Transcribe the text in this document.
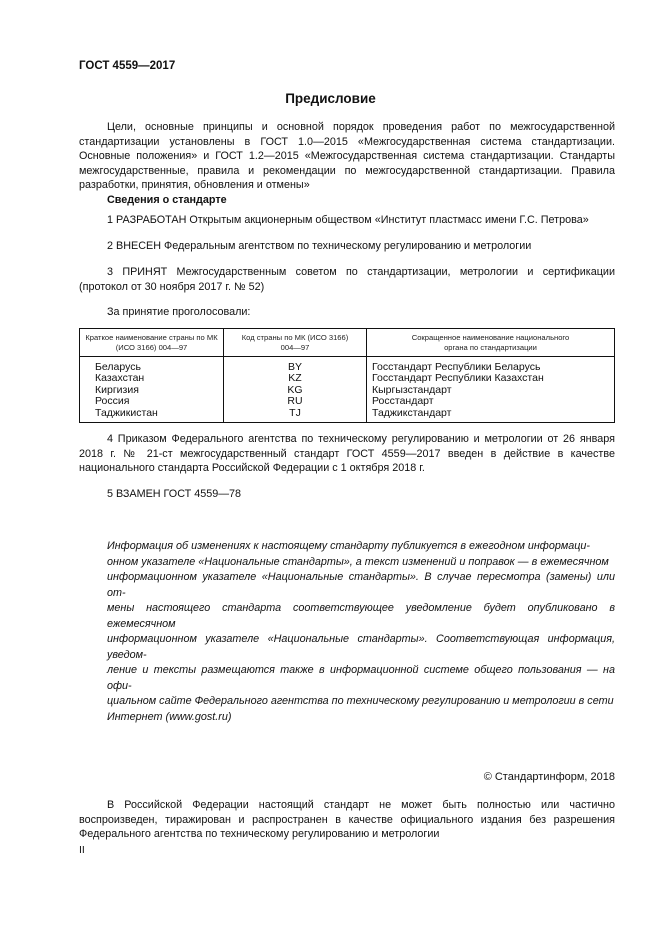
ГОСТ 4559—2017
Предисловие
Цели, основные принципы и основной порядок проведения работ по межгосударственной стандартизации установлены в ГОСТ 1.0—2015 «Межгосударственная система стандартизации. Основные положения» и ГОСТ 1.2—2015 «Межгосударственная система стандартизации. Стандарты межгосударственные, правила и рекомендации по межгосударственной стандартизации. Правила разработки, принятия, обновления и отмены»
Сведения о стандарте
1 РАЗРАБОТАН Открытым акционерным обществом «Институт пластмасс имени Г.С. Петрова»
2 ВНЕСЕН Федеральным агентством по техническому регулированию и метрологии
3 ПРИНЯТ Межгосударственным советом по стандартизации, метрологии и сертификации (протокол от 30 ноября 2017 г. № 52)
За принятие проголосовали:
Краткое наименование страны по МК (ИСО 3166) 004—97
Код страны по МК (ИСО 3166) 004—97
Сокращенное наименование национального органа по стандартизации
Беларусь
Казахстан
Киргизия
Россия
Таджикистан
BY
KZ
KG
RU
TJ
Госстандарт Республики Беларусь
Госстандарт Республики Казахстан
Кыргызстандарт
Росстандарт
Таджикстандарт
4 Приказом Федерального агентства по техническому регулированию и метрологии от 26 января 2018 г. № 21-ст межгосударственный стандарт ГОСТ 4559—2017 введен в действие в качестве национального стандарта Российской Федерации с 1 октября 2018 г.
5 ВЗАМЕН ГОСТ 4559—78
Информация об изменениях к настоящему стандарту публикуется в ежегодном информаци-
онном указателе «Национальные стандарты», а текст изменений и поправок — в ежемесячном
информационном указателе «Национальные стандарты». В случае пересмотра (замены) или от-
мены настоящего стандарта соответствующее уведомление будет опубликовано в ежемесячном
информационном указателе «Национальные стандарты». Соответствующая информация, уведом-
ление и тексты размещаются также в информационной системе общего пользования — на офи-
циальном сайте Федерального агентства по техническому регулированию и метрологии в сети
Интернет (www.gost.ru)
© Стандартинформ, 2018
В Российской Федерации настоящий стандарт не может быть полностью или частично воспроизведен, тиражирован и распространен в качестве официального издания без разрешения Федерального агентства по техническому регулированию и метрологии
II
